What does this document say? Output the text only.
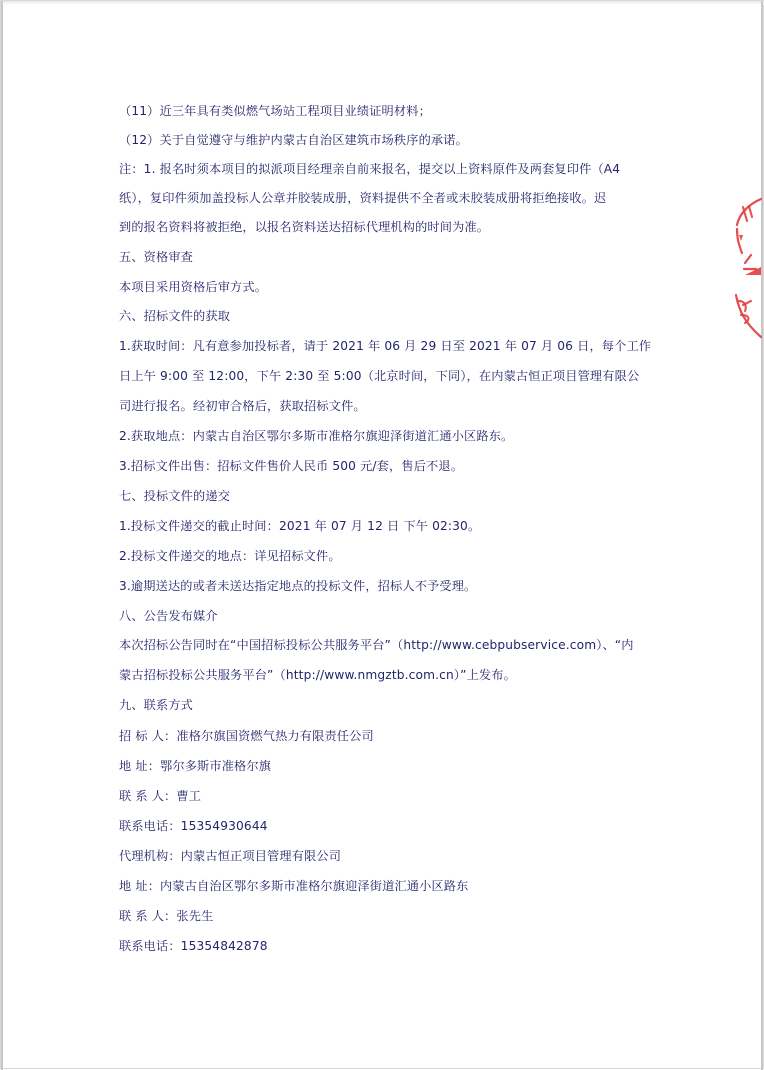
（11）近三年具有类似燃气场站工程项目业绩证明材料；
（12）关于自觉遵守与维护内蒙古自治区建筑市场秩序的承诺。
注：1. 报名时须本项目的拟派项目经理亲自前来报名，提交以上资料原件及两套复印件（A4
纸），复印件须加盖投标人公章并胶装成册，资料提供不全者或未胶装成册将拒绝接收。迟
到的报名资料将被拒绝，以报名资料送达招标代理机构的时间为准。
五、资格审查
本项目采用资格后审方式。
六、招标文件的获取
1.获取时间：凡有意参加投标者，请于 2021 年 06 月 29 日至 2021 年 07 月 06 日，每个工作
日上午 9:00 至 12:00，下午 2:30 至 5:00（北京时间，下同），在内蒙古恒正项目管理有限公
司进行报名。经初审合格后，获取招标文件。
2.获取地点：内蒙古自治区鄂尔多斯市准格尔旗迎泽街道汇通小区路东。
3.招标文件出售：招标文件售价人民币 500 元/套，售后不退。
七、投标文件的递交
1.投标文件递交的截止时间：2021 年 07 月 12 日 下午 02:30。
2.投标文件递交的地点：详见招标文件。
3.逾期送达的或者未送达指定地点的投标文件，招标人不予受理。
八、公告发布媒介
本次招标公告同时在“中国招标投标公共服务平台”（http://www.cebpubservice.com）、“内
蒙古招标投标公共服务平台”（http://www.nmgztb.com.cn）”上发布。
九、联系方式
招 标 人：准格尔旗国资燃气热力有限责任公司
地 址：鄂尔多斯市准格尔旗
联 系 人：曹工
联系电话：15354930644
代理机构：内蒙古恒正项目管理有限公司
地 址：内蒙古自治区鄂尔多斯市准格尔旗迎泽街道汇通小区路东
联 系 人：张先生
联系电话：15354842878
